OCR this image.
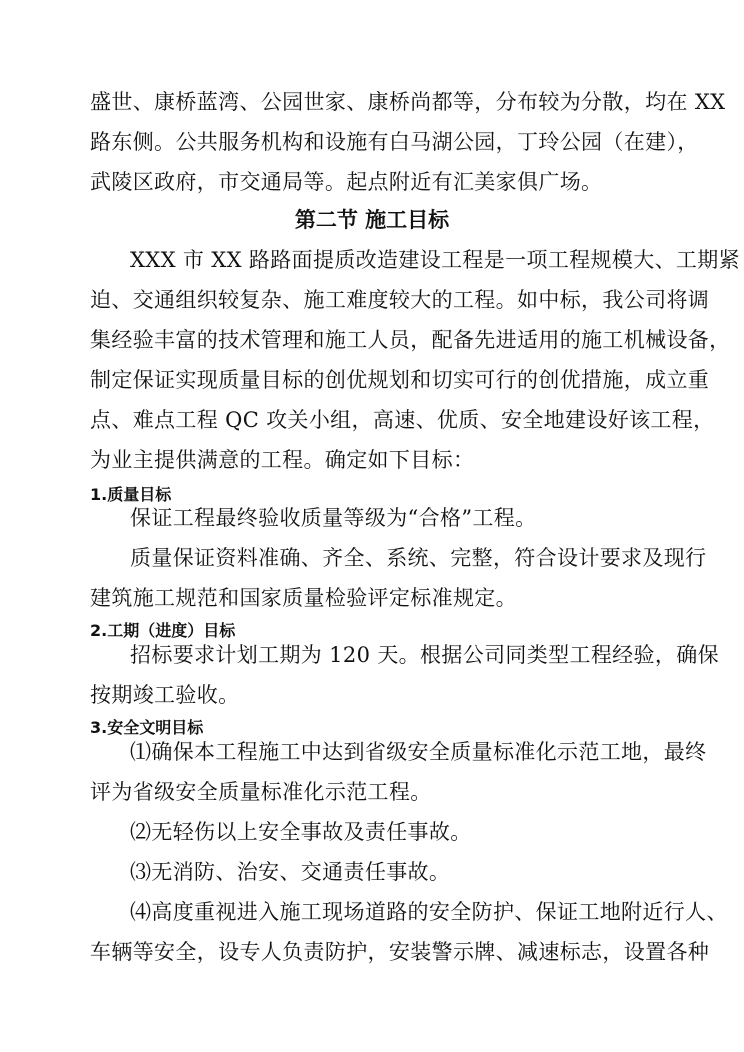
盛世、康桥蓝湾、公园世家、康桥尚都等，分布较为分散，均在 XX

路东侧。公共服务机构和设施有白马湖公园，丁玲公园（在建），

武陵区政府，市交通局等。起点附近有汇美家俱广场。

第二节 施工目标

XXX 市 XX 路路面提质改造建设工程是一项工程规模大、工期紧

迫、交通组织较复杂、施工难度较大的工程。如中标，我公司将调

集经验丰富的技术管理和施工人员，配备先进适用的施工机械设备，

制定保证实现质量目标的创优规划和切实可行的创优措施，成立重

点、难点工程 QC 攻关小组，高速、优质、安全地建设好该工程，

为业主提供满意的工程。确定如下目标：

1.质量目标

保证工程最终验收质量等级为“合格”工程。

质量保证资料准确、齐全、系统、完整，符合设计要求及现行

建筑施工规范和国家质量检验评定标准规定。

2.工期（进度）目标

招标要求计划工期为 120 天。根据公司同类型工程经验，确保

按期竣工验收。

3.安全文明目标

⑴确保本工程施工中达到省级安全质量标准化示范工地，最终

评为省级安全质量标准化示范工程。

⑵无轻伤以上安全事故及责任事故。

⑶无消防、治安、交通责任事故。

⑷高度重视进入施工现场道路的安全防护、保证工地附近行人、

车辆等安全，设专人负责防护，安装警示牌、减速标志，设置各种
